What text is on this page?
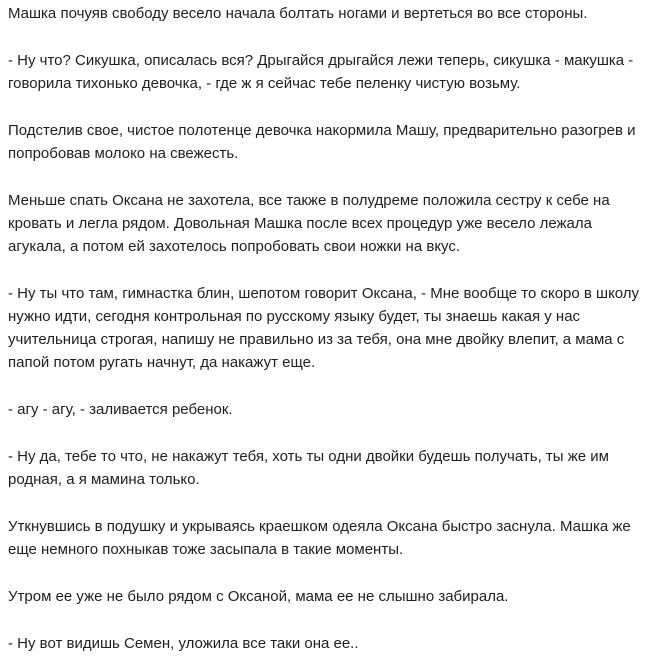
Машка почуяв свободу весело начала болтать ногами и вертеться во все стороны.

- Ну что? Сикушка, описалась вся? Дрыгайся дрыгайся лежи теперь, сикушка - макушка - говорила тихонько девочка, - где ж я сейчас тебе пеленку чистую возьму.

Подстелив свое, чистое полотенце девочка накормила Машу, предварительно разогрев и попробовав молоко на свежесть.

Меньше спать Оксана не захотела, все также в полудреме положила сестру к себе на кровать и легла рядом. Довольная Машка после всех процедур уже весело лежала агукала, а потом ей захотелось попробовать свои ножки на вкус.

- Ну ты что там, гимнастка блин, шепотом говорит Оксана, - Мне вообще то скоро в школу нужно идти, сегодня контрольная по русскому языку будет, ты знаешь какая у нас учительница строгая, напишу не правильно из за тебя, она мне двойку влепит, а мама с папой потом ругать начнут, да накажут еще.

- агу - агу, - заливается ребенок.

- Ну да, тебе то что, не накажут тебя, хоть ты одни двойки будешь получать, ты же им родная, а я мамина только.

Уткнувшись в подушку и укрываясь краешком одеяла Оксана быстро заснула. Машка же еще немного похныкав тоже засыпала в такие моменты.

Утром ее уже не было рядом с Оксаной, мама ее не слышно забирала.

- Ну вот видишь Семен, уложила все таки она ее..
